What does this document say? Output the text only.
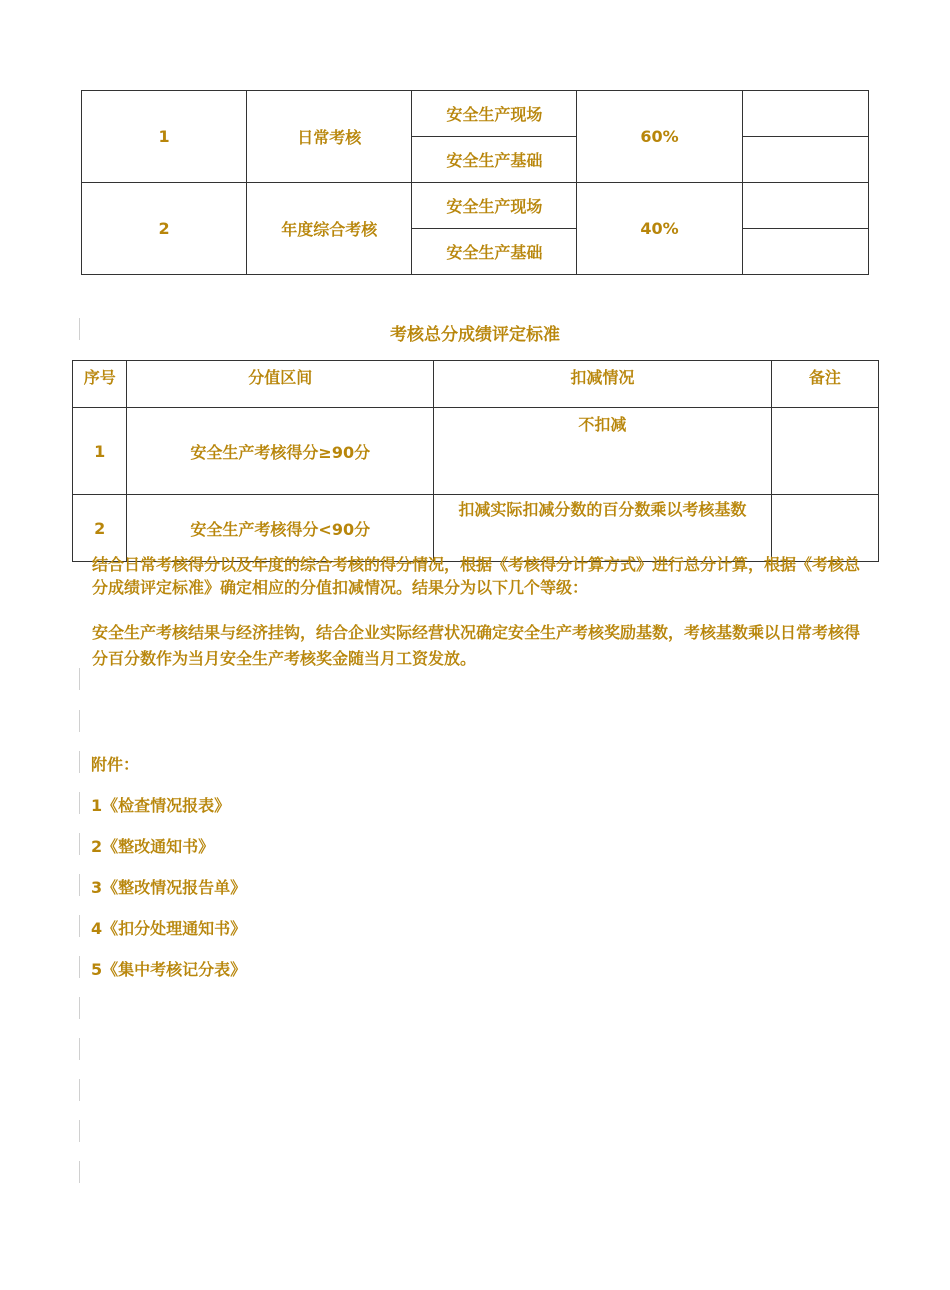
1	日常考核	安全生产现场	60%	
		安全生产基础		
2	年度综合考核	安全生产现场	40%	
		安全生产基础		
考核总分成绩评定标准
序号	分值区间	扣减情况	备注
1	安全生产考核得分≥90分	不扣减	
2	安全生产考核得分<90分	扣减实际扣减分数的百分数乘以考核基数	
结合日常考核得分以及年度的综合考核的得分情况，根据《考核得分计算方式》进行总分计算，根据《考核总分成绩评定标准》确定相应的分值扣减情况。结果分为以下几个等级：
安全生产考核结果与经济挂钩，结合企业实际经营状况确定安全生产考核奖励基数，考核基数乘以日常考核得分百分数作为当月安全生产考核奖金随当月工资发放。
附件：
1《检查情况报表》
2《整改通知书》
3《整改情况报告单》
4《扣分处理通知书》
5《集中考核记分表》
